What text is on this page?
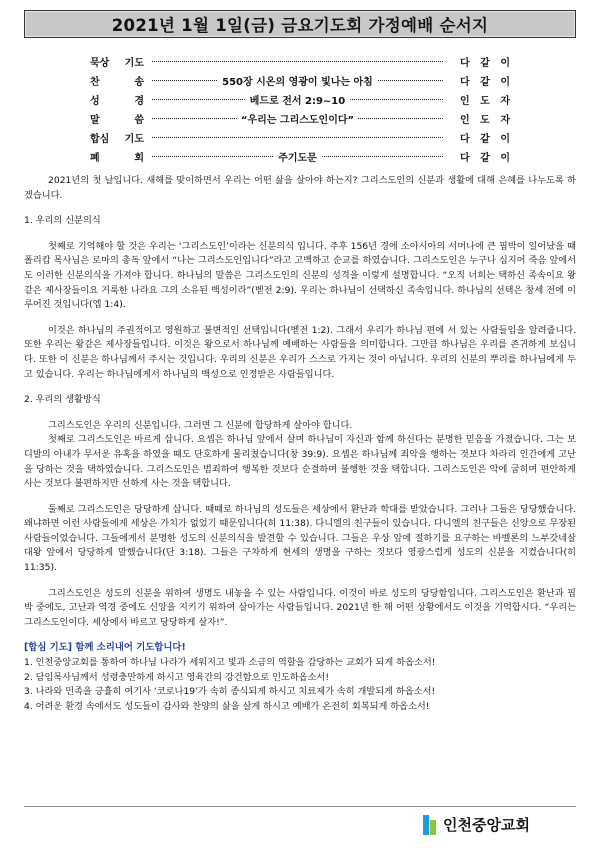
2021년 1월 1일(금) 금요기도회 가정예배 순서지
묵상 기도	다 같 이
찬 송	550장 시온의 영광이 빛나는 아침	다 같 이
성 경	베드로 전서 2:9~10	인 도 자
말 씀	“우리는 그리스도인이다”	인 도 자
합심 기도	다 같 이
폐 회	주기도문	다 같 이

2021년의 첫 날입니다. 새해를 맞이하면서 우리는 어떤 삶을 살아야 하는지? 그리스도인의 신분과 생활에 대해 은혜를 나누도록 하겠습니다.

1. 우리의 신분의식

첫째로 기억해야 할 것은 우리는 ‘그리스도인’이라는 신분의식 입니다. 주후 156년 경에 소아시아의 서머나에 큰 핍박이 일어났을 때 폴리캅 목사님은 로마의 총독 앞에서 “나는 그리스도인입니다”라고 고백하고 순교를 하였습니다. 그리스도인은 누구나 심지어 죽음 앞에서도 이러한 신분의식을 가져야 합니다. 하나님의 말씀은 그리스도인의 신분의 성격을 이렇게 설명합니다. “오직 너희는 택하신 족속이요 왕같은 제사장들이요 거룩한 나라요 그의 소유된 백성이라”(벧전 2:9). 우리는 하나님이 선택하신 족속입니다. 하나님의 선택은 창세 전에 이루어진 것입니다(엡 1:4).

이것은 하나님의 주권적이고 영원하고 불변적인 선택입니다(벧전 1:2). 그래서 우리가 하나님 편에 서 있는 사람들임을 알려줍니다. 또한 우리는 왕같은 제사장들입니다. 이것은 왕으로서 하나님께 예배하는 사람들을 의미합니다. 그만큼 하나님은 우리를 존귀하게 보십니다. 또한 이 신분은 하나님께서 주시는 것입니다. 우리의 신분은 우리가 스스로 가지는 것이 아닙니다. 우리의 신분의 뿌리를 하나님에게 두고 있습니다. 우리는 하나님에게서 하나님의 백성으로 인정받은 사람들입니다.

2. 우리의 생활방식

그리스도인은 우리의 신분입니다. 그러면 그 신분에 합당하게 살아야 합니다.

첫째로 그리스도인은 바르게 삽니다. 요셉은 하나님 앞에서 살며 하나님이 자신과 함께 하신다는 분명한 믿음을 가졌습니다. 그는 보디발의 아내가 무서운 유혹을 하였을 때도 단호하게 물리쳤습니다(창 39:9). 요셉은 하나님께 죄악을 행하는 것보다 차라리 인간에게 고난을 당하는 것을 택하였습니다. 그리스도인은 범죄하여 행복한 것보다 순결하며 불행한 것을 택합니다. 그리스도인은 악에 굽히며 편안하게 사는 것보다 불편하지만 선하게 사는 것을 택합니다.

둘째로 그리스도인은 당당하게 삽니다. 때때로 하나님의 성도들은 세상에서 환난과 학대를 받았습니다. 그러나 그들은 당당했습니다. 왜냐하면 이런 사람들에게 세상은 가치가 없었기 때문입니다(히 11:38). 다니엘의 친구들이 있습니다. 다니엘의 친구들은 신앙으로 무장된 사람들이었습니다. 그들에게서 분명한 성도의 신분의식을 발견할 수 있습니다. 그들은 우상 앞에 절하기를 요구하는 바벨론의 느부갓네살 대왕 앞에서 당당하게 말했습니다(단 3:18). 그들은 구차하게 현세의 생명을 구하는 것보다 영광스럽게 성도의 신분을 지켰습니다(히 11:35).

그리스도인은 성도의 신분을 위하여 생명도 내놓을 수 있는 사람입니다. 이것이 바로 성도의 당당함입니다. 그리스도인은 환난과 핍박 중에도, 고난과 역경 중에도 신앙을 지키기 위하여 살아가는 사람들입니다. 2021년 한 해 어떤 상황에서도 이것을 기억합시다. “우리는 그리스도인이다. 세상에서 바르고 당당하게 살자!”.

[합심 기도] 함께 소리내어 기도합니다!

1. 인천중앙교회를 통하여 하나님 나라가 세워지고 빛과 소금의 역할을 감당하는 교회가 되게 하옵소서!

2. 담임목사님께서 성령충만하게 하시고 영육간의 강건함으로 인도하옵소서!

3. 나라와 민족을 긍휼히 여기사 ‘코로나19’가 속히 종식되게 하시고 치료제가 속히 개발되게 하옵소서!

4. 어려운 환경 속에서도 성도들이 감사와 찬양의 삶을 살게 하시고 예배가 온전히 회복되게 하옵소서!

인천중앙교회
